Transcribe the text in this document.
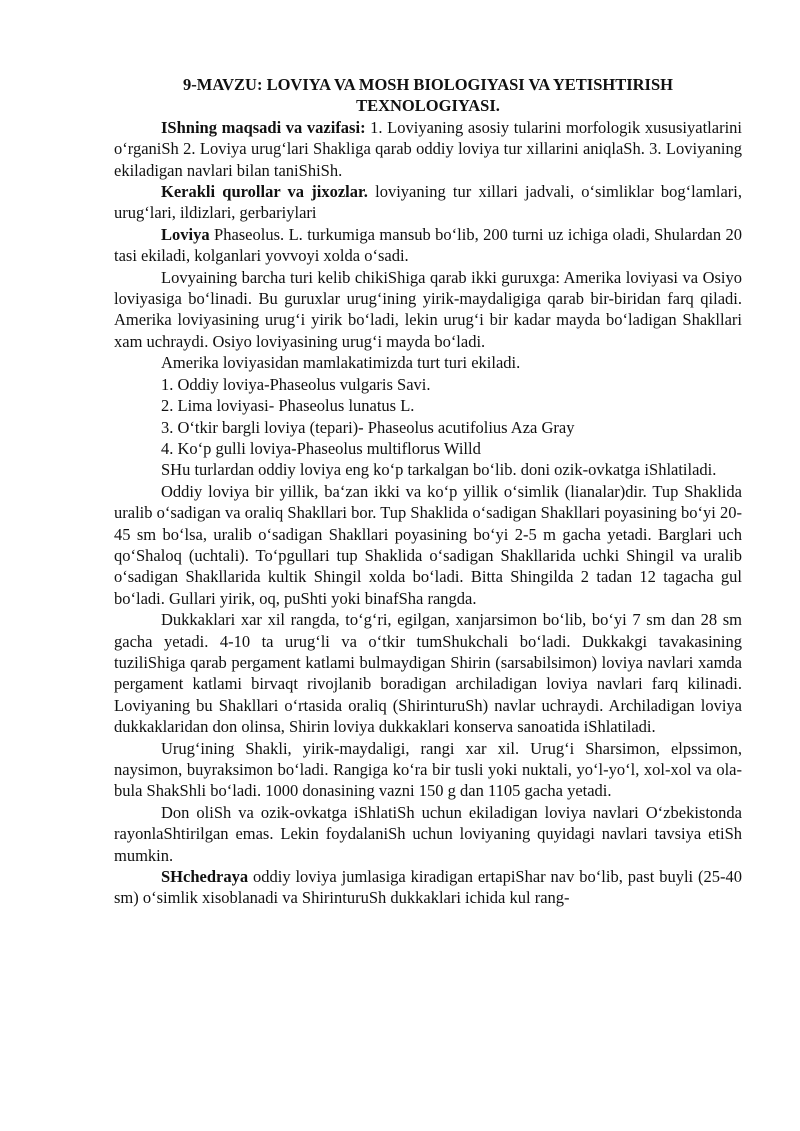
9-MAVZU: LOVIYA VA MOSH BIOLOGIYASI VA YETISHTIRISH TEXNOLOGIYASI.

IShning maqsadi va vazifasi: 1. Loviyaning asosiy tularini morfologik xususiyatlarini o‘rganiSh 2. Loviya urug‘lari Shakliga qarab oddiy loviya tur xillarini aniqlaSh. 3. Loviyaning ekiladigan navlari bilan taniShiSh.

Kerakli qurollar va jixozlar. loviyaning tur xillari jadvali, o‘simliklar bog‘lamlari, urug‘lari, ildizlari, gerbariylari

Loviya Phaseolus. L. turkumiga mansub bo‘lib, 200 turni uz ichiga oladi, Shulardan 20 tasi ekiladi, kolganlari yovvoyi xolda o‘sadi.

Lovyaining barcha turi kelib chikiShiga qarab ikki guruxga: Amerika loviyasi va Osiyo loviyasiga bo‘linadi. Bu guruxlar urug‘ining yirik-maydaligiga qarab bir-biridan farq qiladi. Amerika loviyasining urug‘i yirik bo‘ladi, lekin urug‘i bir kadar mayda bo‘ladigan Shakllari xam uchraydi. Osiyo loviyasining urug‘i mayda bo‘ladi.

Amerika loviyasidan mamlakatimizda turt turi ekiladi.

1. Oddiy loviya-Phaseolus vulgaris Savi.

2. Lima loviyasi- Phaseolus lunatus L.

3. O‘tkir bargli loviya (tepari)- Phaseolus acutifolius Aza Gray

4. Ko‘p gulli loviya-Phaseolus multiflorus Willd

SHu turlardan oddiy loviya eng ko‘p tarkalgan bo‘lib. doni ozik-ovkatga iShlatiladi.

Oddiy loviya bir yillik, ba‘zan ikki va ko‘p yillik o‘simlik (lianalar)dir. Tup Shaklida uralib o‘sadigan va oraliq Shakllari bor. Tup Shaklida o‘sadigan Shakllari poyasining bo‘yi 20-45 sm bo‘lsa, uralib o‘sadigan Shakllari poyasining bo‘yi 2-5 m gacha yetadi. Barglari uch qo‘Shaloq (uchtali). To‘pgullari tup Shaklida o‘sadigan Shakllarida uchki Shingil va uralib o‘sadigan Shakllarida kultik Shingil xolda bo‘ladi. Bitta Shingilda 2 tadan 12 tagacha gul bo‘ladi. Gullari yirik, oq, puShti yoki binafSha rangda.

Dukkaklari xar xil rangda, to‘g‘ri, egilgan, xanjarsimon bo‘lib, bo‘yi 7 sm dan 28 sm gacha yetadi. 4-10 ta urug‘li va o‘tkir tumShukchali bo‘ladi. Dukkakgi tavakasining tuziliShiga qarab pergament katlami bulmaydigan Shirin (sarsabilsimon) loviya navlari xamda pergament katlami birvaqt rivojlanib boradigan archiladigan loviya navlari farq kilinadi. Loviyaning bu Shakllari o‘rtasida oraliq (ShirinturuSh) navlar uchraydi. Archiladigan loviya dukkaklaridan don olinsa, Shirin loviya dukkaklari konserva sanoatida iShlatiladi.

Urug‘ining Shakli, yirik-maydaligi, rangi xar xil. Urug‘i Sharsimon, elpssimon, naysimon, buyraksimon bo‘ladi. Rangiga ko‘ra bir tusli yoki nuktali, yo‘l-yo‘l, xol-xol va ola-bula ShakShli bo‘ladi. 1000 donasining vazni 150 g dan 1105 gacha yetadi.

Don oliSh va ozik-ovkatga iShlatiSh uchun ekiladigan loviya navlari O‘zbekistonda rayonlaShtirilgan emas. Lekin foydalaniSh uchun loviyaning quyidagi navlari tavsiya etiSh mumkin.

SHchedraya oddiy loviya jumlasiga kiradigan ertapiShar nav bo‘lib, past buyli (25-40 sm) o‘simlik xisoblanadi va ShirinturuSh dukkaklari ichida kul rang-
